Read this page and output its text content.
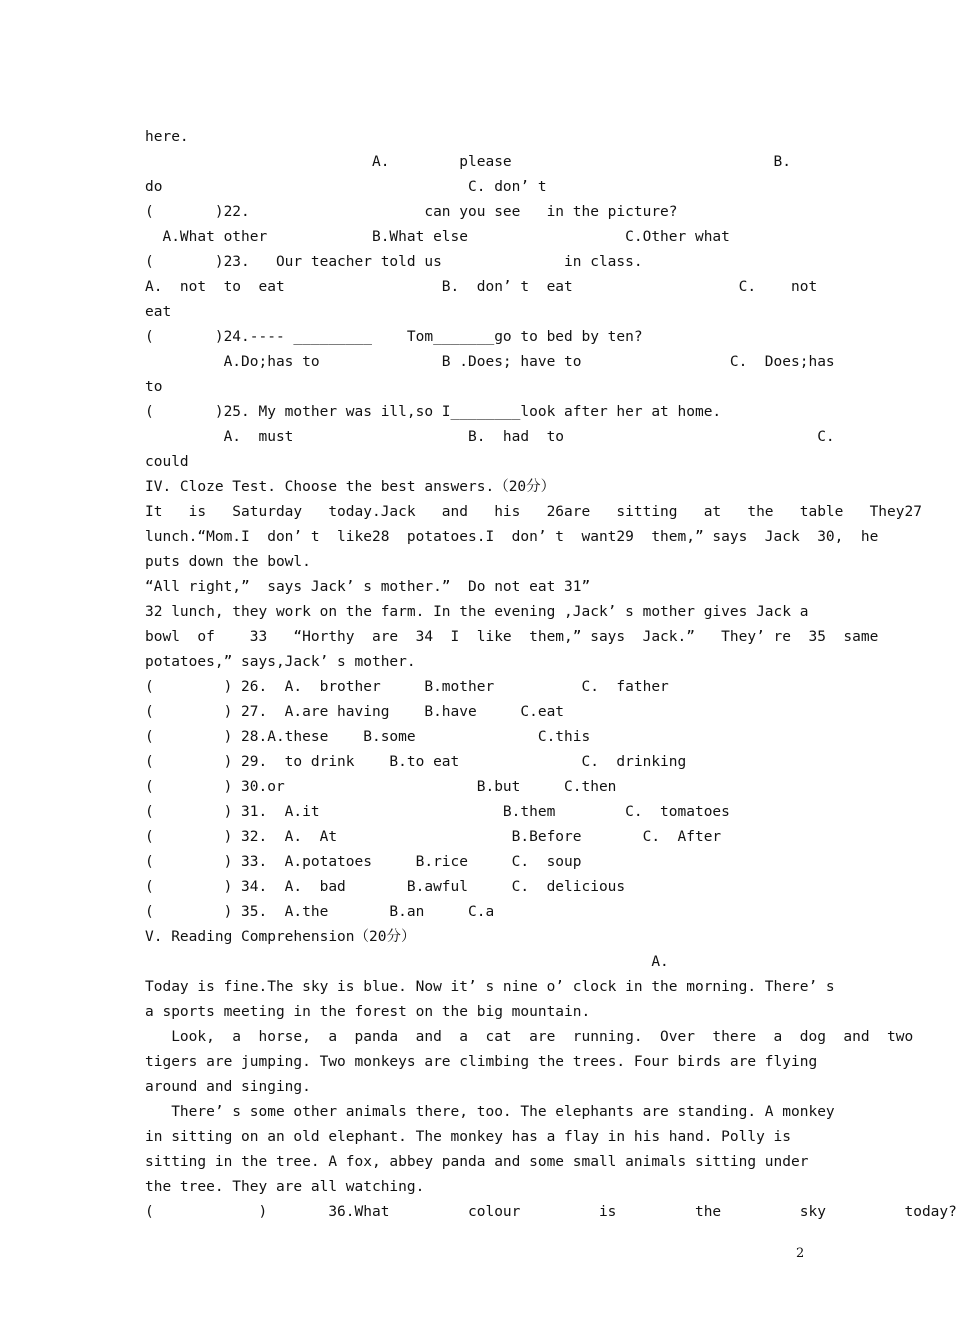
here.
A.        please                              B.
do                                   C. don’ t
(       )22.                    can you see   in the picture?
A.What other            B.What else                  C.Other what
(       )23.   Our teacher told us              in class.
A.  not  to  eat                  B.  don’ t  eat                   C.    not
eat
(       )24.---- _________    Tom_______go to bed by ten?
A.Do;has to              B .Does; have to                 C.  Does;has
to
(       )25. My mother was ill,so I________look after her at home.
A.  must                    B.  had  to                             C.
could
IV. Cloze Test. Choose the best answers.（20分）
It   is   Saturday   today.Jack   and   his   26are   sitting   at   the   table   They27
lunch.“Mom.I  don’ t  like28  potatoes.I  don’ t  want29  them,” says  Jack  30,  he
puts down the bowl.
“All right,”  says Jack’ s mother.”  Do not eat 31”
32 lunch, they work on the farm. In the evening ,Jack’ s mother gives Jack a
bowl  of    33   “Horthy  are  34  I  like  them,” says  Jack.”   They’ re  35  same
potatoes,” says,Jack’ s mother.
(        ) 26.  A.  brother     B.mother          C.  father
(        ) 27.  A.are having    B.have     C.eat
(        ) 28.A.these    B.some              C.this
(        ) 29.  to drink    B.to eat              C.  drinking
(        ) 30.or                      B.but     C.then
(        ) 31.  A.it                     B.them        C.  tomatoes
(        ) 32.  A.  At                    B.Before       C.  After
(        ) 33.  A.potatoes     B.rice     C.  soup
(        ) 34.  A.  bad       B.awful     C.  delicious
(        ) 35.  A.the       B.an     C.a
V. Reading Comprehension（20分）
A.
Today is fine.The sky is blue. Now it’ s nine o’ clock in the morning. There’ s
a sports meeting in the forest on the big mountain.
Look,  a  horse,  a  panda  and  a  cat  are  running.  Over  there  a  dog  and  two
tigers are jumping. Two monkeys are climbing the trees. Four birds are flying
around and singing.
There’ s some other animals there, too. The elephants are standing. A monkey
in sitting on an old elephant. The monkey has a flay in his hand. Polly is
sitting in the tree. A fox, abbey panda and some small animals sitting under
the tree. They are all watching.
(            )       36.What         colour         is         the         sky         today?
2
